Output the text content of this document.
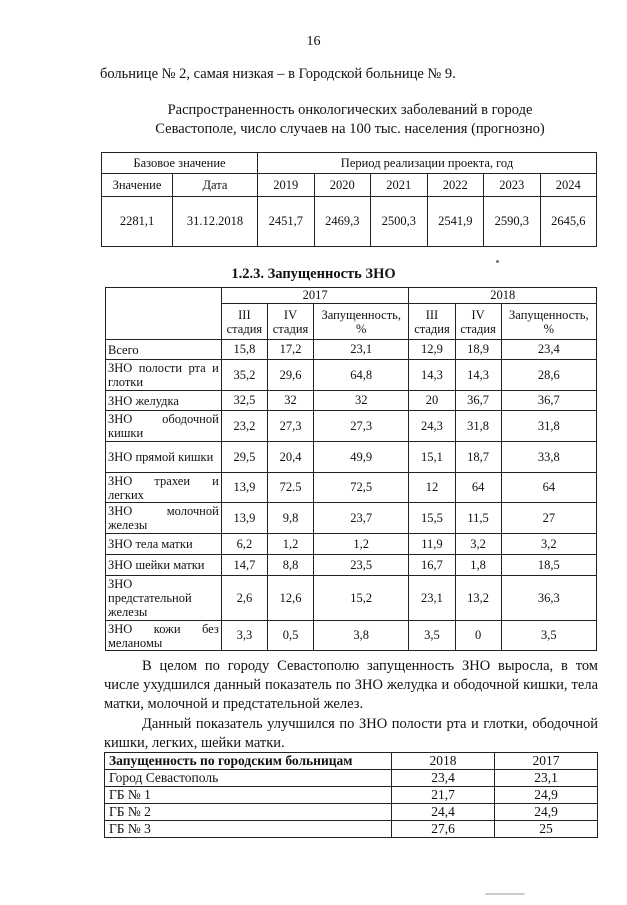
16
больнице № 2, самая низкая – в Городской больнице № 9.
Распространенность онкологических заболеваний в городе
Севастополе, число случаев на 100 тыс. населения (прогнозно)
Базовое значение		Период реализации проекта, год					
Значение	Дата	2019	2020	2021	2022	2023	2024
2281,1	31.12.2018	2451,7	2469,3	2500,3	2541,9	2590,3	2645,6
1.2.3. Запущенность ЗНО
	2017			2018		
	III стадия	IV стадия	Запущенность, %	III стадия	IV стадия	Запущенность, %
Всего	15,8	17,2	23,1	12,9	18,9	23,4
ЗНО полости рта и глотки	35,2	29,6	64,8	14,3	14,3	28,6
ЗНО желудка	32,5	32	32	20	36,7	36,7
ЗНО ободочной кишки	23,2	27,3	27,3	24,3	31,8	31,8
ЗНО прямой кишки	29,5	20,4	49,9	15,1	18,7	33,8
ЗНО трахеи и легких	13,9	72.5	72,5	12	64	64
ЗНО молочной железы	13,9	9,8	23,7	15,5	11,5	27
ЗНО тела матки	6,2	1,2	1,2	11,9	3,2	3,2
ЗНО шейки матки	14,7	8,8	23,5	16,7	1,8	18,5
ЗНО предстательной железы	2,6	12,6	15,2	23,1	13,2	36,3
ЗНО кожи без меланомы	3,3	0,5	3,8	3,5	0	3,5

В целом по городу Севастополю запущенность ЗНО выросла, в том числе ухудшился данный показатель по ЗНО желудка и ободочной кишки, тела матки, молочной и предстательной желез.

Данный показатель улучшился по ЗНО полости рта и глотки, ободочной кишки, легких, шейки матки.

Запущенность по городским больницам	2018	2017
Город Севастополь	23,4	23,1
ГБ № 1	21,7	24,9
ГБ № 2	24,4	24,9
ГБ № 3	27,6	25
